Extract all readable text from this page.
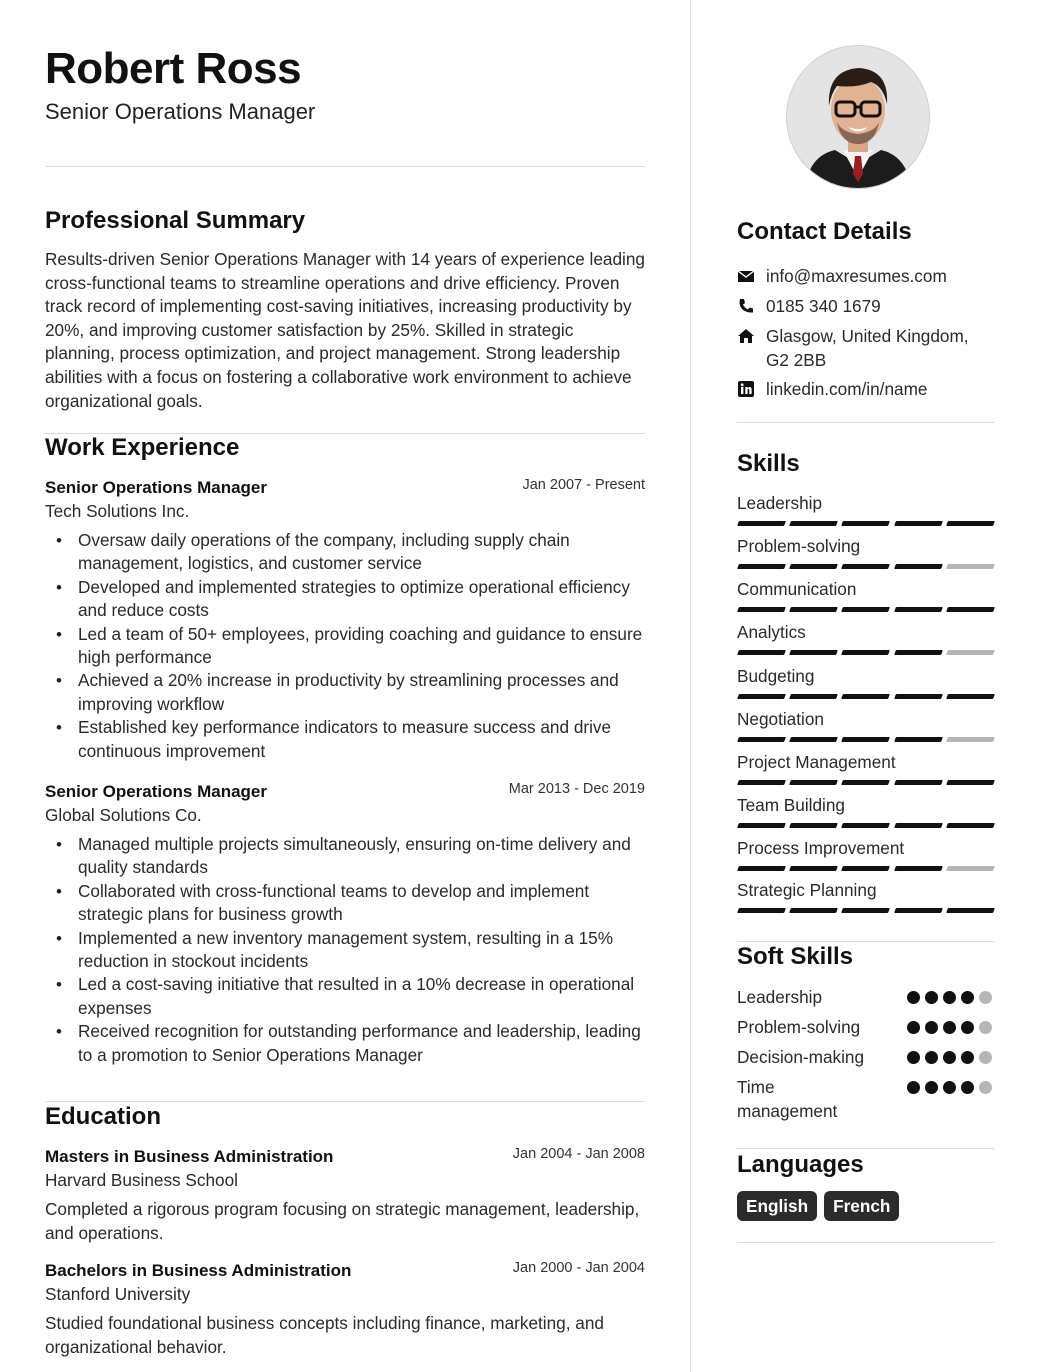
Robert Ross
Senior Operations Manager
Professional Summary
Results-driven Senior Operations Manager with 14 years of experience leading cross-functional teams to streamline operations and drive efficiency. Proven track record of implementing cost-saving initiatives, increasing productivity by 20%, and improving customer satisfaction by 25%. Skilled in strategic planning, process optimization, and project management. Strong leadership abilities with a focus on fostering a collaborative work environment to achieve organizational goals.
Work Experience
Senior Operations Manager	Jan 2007 - Present
Tech Solutions Inc.
• Oversaw daily operations of the company, including supply chain management, logistics, and customer service
• Developed and implemented strategies to optimize operational efficiency and reduce costs
• Led a team of 50+ employees, providing coaching and guidance to ensure high performance
• Achieved a 20% increase in productivity by streamlining processes and improving workflow
• Established key performance indicators to measure success and drive continuous improvement
Senior Operations Manager	Mar 2013 - Dec 2019
Global Solutions Co.
• Managed multiple projects simultaneously, ensuring on-time delivery and quality standards
• Collaborated with cross-functional teams to develop and implement strategic plans for business growth
• Implemented a new inventory management system, resulting in a 15% reduction in stockout incidents
• Led a cost-saving initiative that resulted in a 10% decrease in operational expenses
• Received recognition for outstanding performance and leadership, leading to a promotion to Senior Operations Manager
Education
Masters in Business Administration	Jan 2004 - Jan 2008
Harvard Business School
Completed a rigorous program focusing on strategic management, leadership, and operations.
Bachelors in Business Administration	Jan 2000 - Jan 2004
Stanford University
Studied foundational business concepts including finance, marketing, and organizational behavior.
Contact Details
info@maxresumes.com
0185 340 1679
Glasgow, United Kingdom, G2 2BB
linkedin.com/in/name
Skills
Leadership
Problem-solving
Communication
Analytics
Budgeting
Negotiation
Project Management
Team Building
Process Improvement
Strategic Planning
Soft Skills
Leadership
Problem-solving
Decision-making
Time management
Languages
English	French
